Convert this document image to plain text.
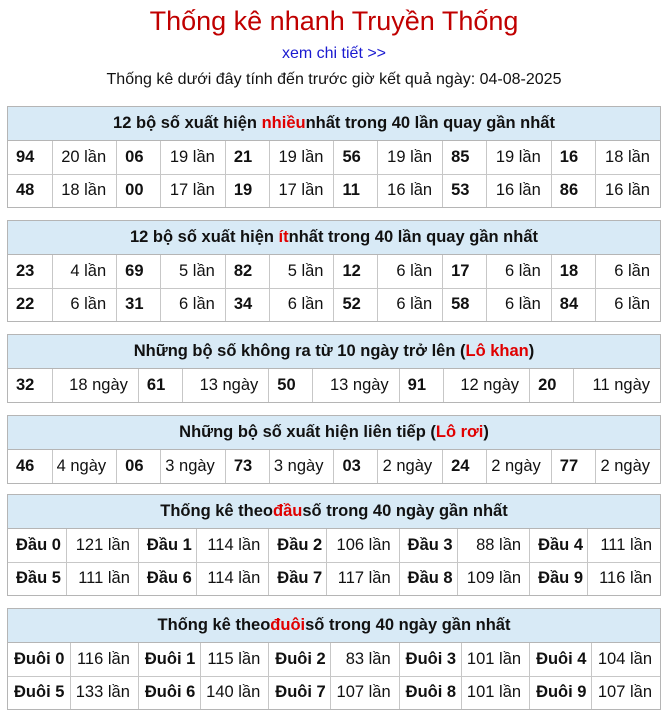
Thống kê nhanh Truyền Thống
xem chi tiết >>
Thống kê dưới đây tính đến trước giờ kết quả ngày: 04-08-2025
12 bộ số xuất hiện
nhiều nhất trong 40 lần quay gần nhất
94	20 lần	06	19 lần	21	19 lần	56	19 lần	85	19 lần	16	18 lần
48	18 lần	00	17 lần	19	17 lần	11	16 lần	53	16 lần	86	16 lần
12 bộ số xuất hiện
ít nhất trong 40 lần quay gần nhất
23	4 lần	69	5 lần	82	5 lần	12	6 lần	17	6 lần	18	6 lần
22	6 lần	31	6 lần	34	6 lần	52	6 lần	58	6 lần	84	6 lần
Những bộ số không ra từ 10 ngày trở lên ( Lô khan )
32	18 ngày	61	13 ngày	50	13 ngày	91	12 ngày	20	11 ngày
Những bộ số xuất hiện liên tiếp ( Lô rơi )
46	4 ngày	06	3 ngày	73	3 ngày	03	2 ngày	24	2 ngày	77	2 ngày
Thống kê theo đầu số trong 40 ngày gần nhất
Đầu 0	121 lần	Đầu 1	114 lần	Đầu 2	106 lần	Đầu 3	88 lần	Đầu 4	111 lần
Đầu 5	111 lần	Đầu 6	114 lần	Đầu 7	117 lần	Đầu 8	109 lần	Đầu 9	116 lần
Thống kê theo đuôi số trong 40 ngày gần nhất
Đuôi 0	116 lần	Đuôi 1	115 lần	Đuôi 2	83 lần	Đuôi 3	101 lần	Đuôi 4	104 lần
Đuôi 5	133 lần	Đuôi 6	140 lần	Đuôi 7	107 lần	Đuôi 8	101 lần	Đuôi 9	107 lần
